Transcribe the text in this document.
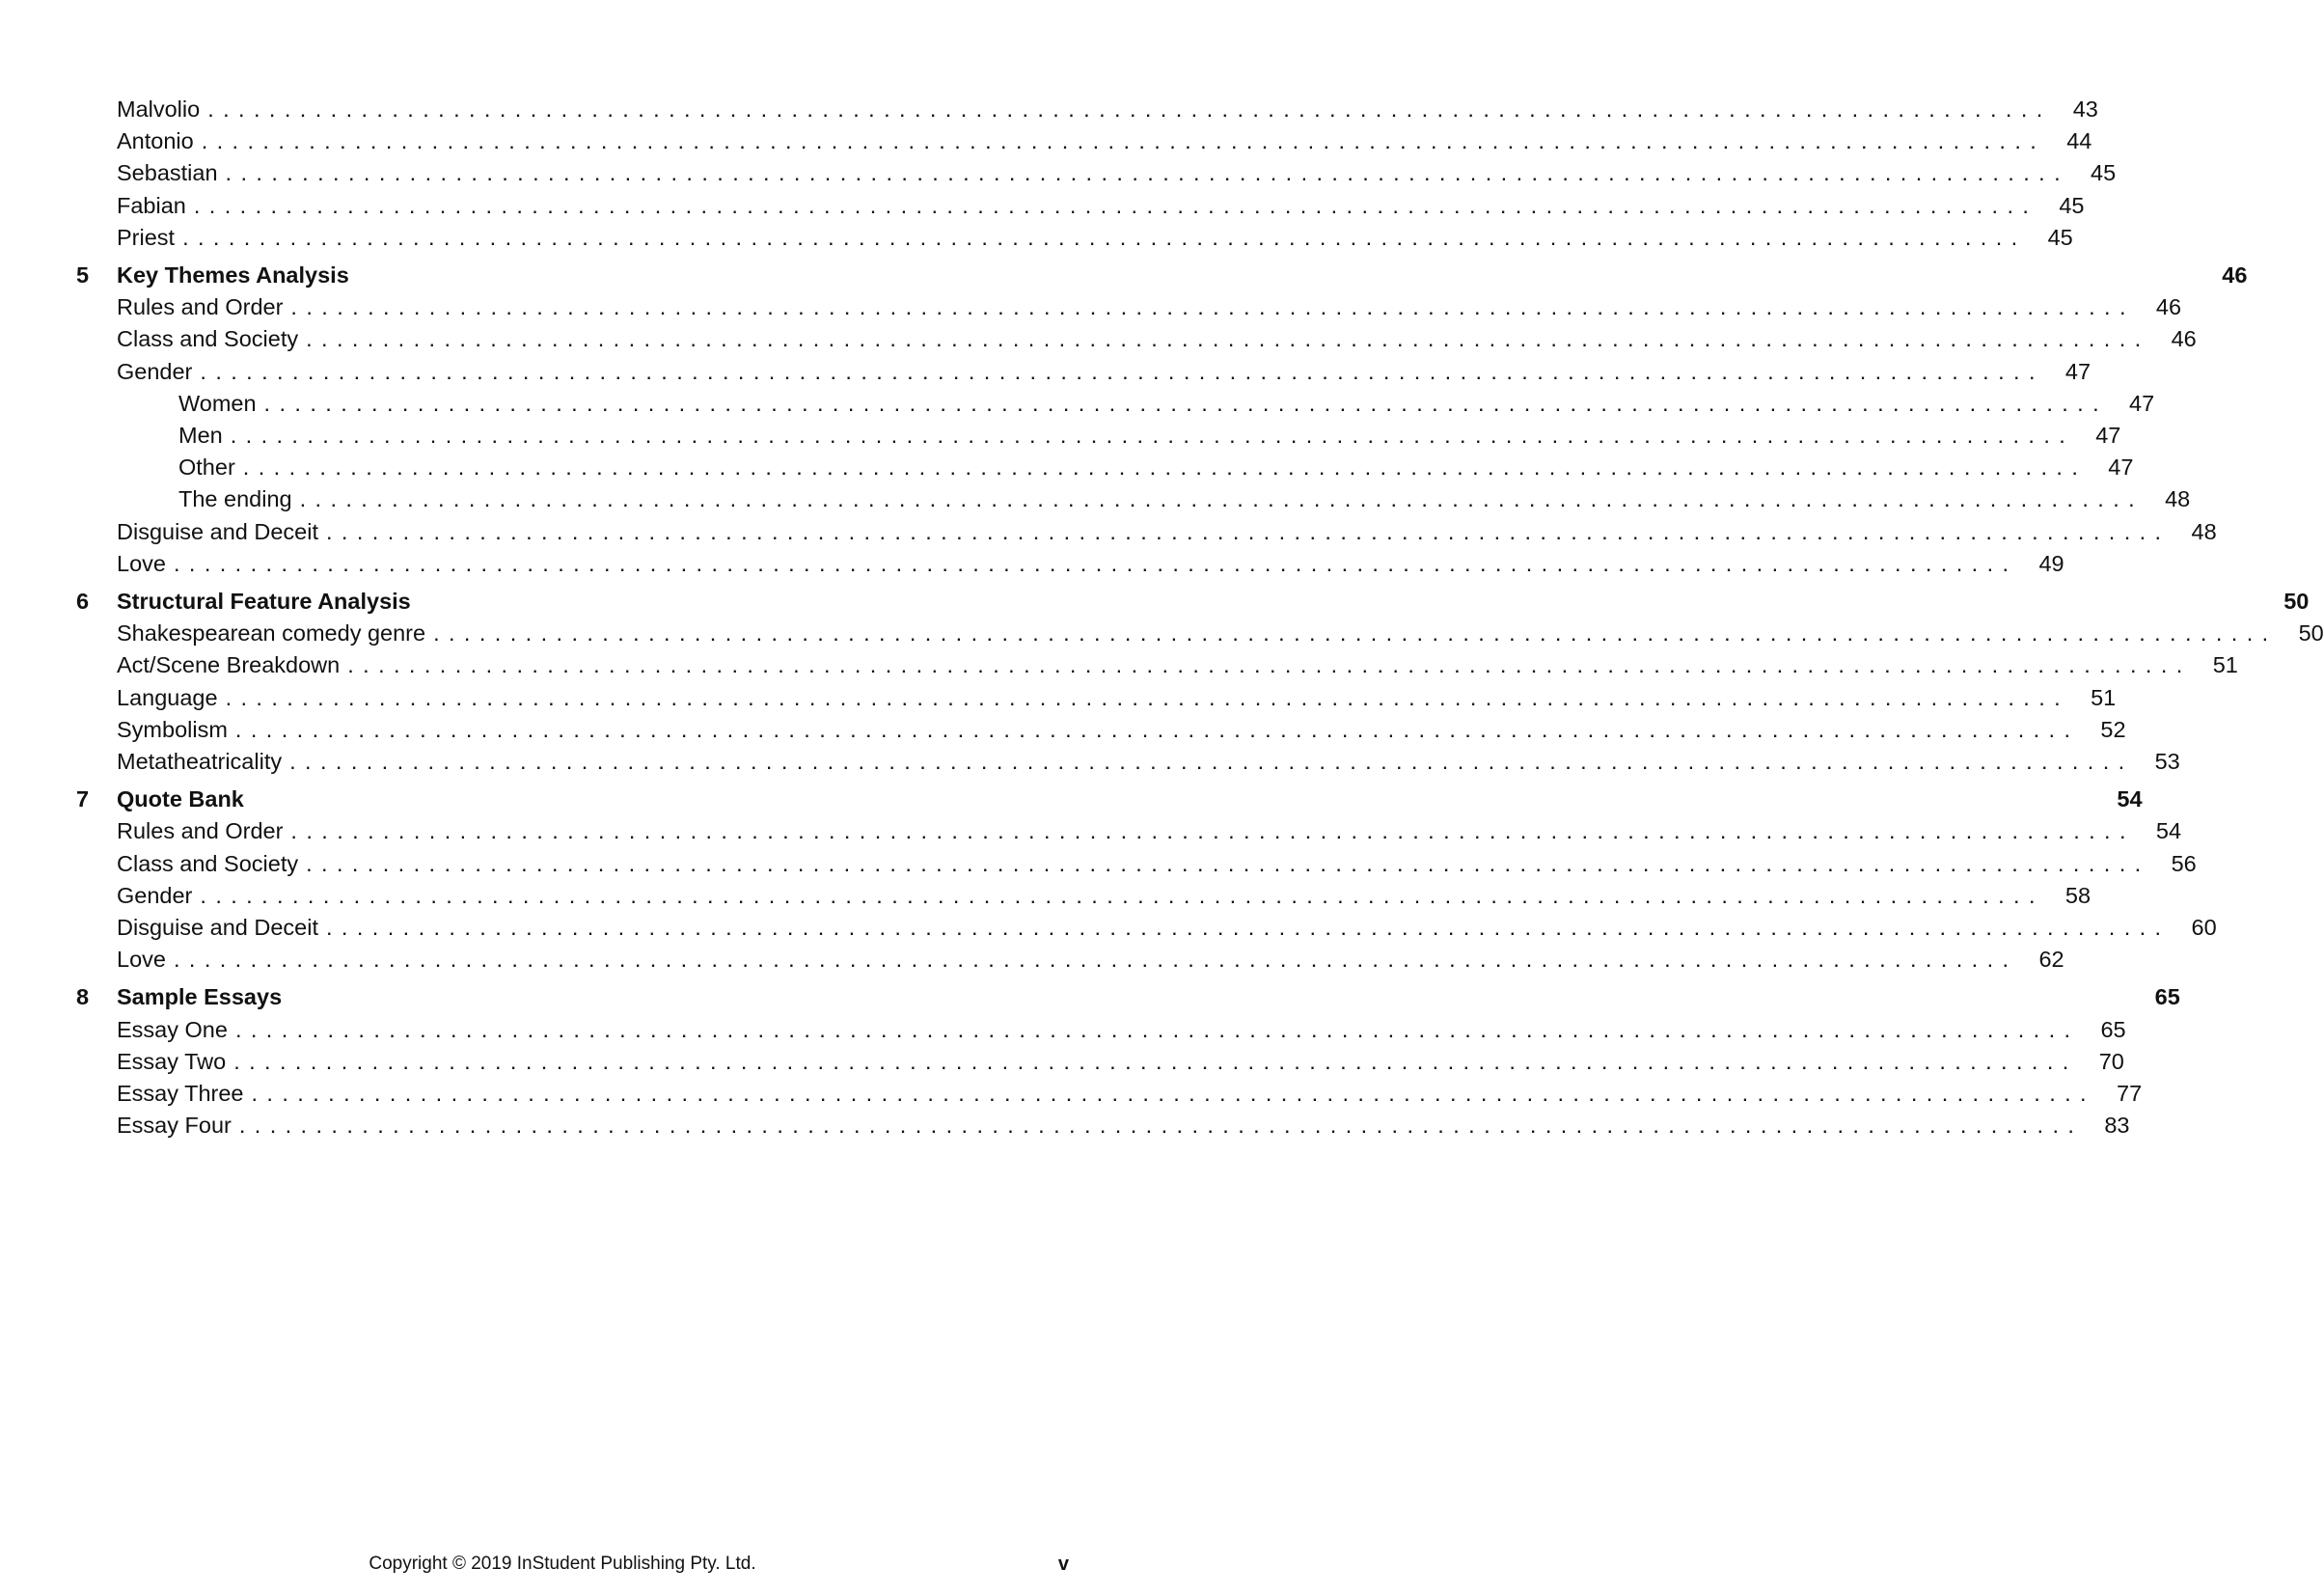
Malvolio ........................................................................................................................ 43
Antonio ........................................................................................................................ 44
Sebastian ........................................................................................................................ 45
Fabian ........................................................................................................................ 45
Priest ........................................................................................................................ 45
5 Key Themes Analysis	46
Rules and Order ........................................................................................................................ 46
Class and Society ........................................................................................................................ 46
Gender ........................................................................................................................ 47
Women ........................................................................................................................ 47
Men ........................................................................................................................ 47
Other ........................................................................................................................ 47
The ending ........................................................................................................................ 48
Disguise and Deceit ........................................................................................................................ 48
Love ........................................................................................................................ 49
6 Structural Feature Analysis	50
Shakespearean comedy genre ........................................................................................................................ 50
Act/Scene Breakdown ........................................................................................................................ 51
Language ........................................................................................................................ 51
Symbolism ........................................................................................................................ 52
Metatheatricality ........................................................................................................................ 53
7 Quote Bank	54
Rules and Order ........................................................................................................................ 54
Class and Society ........................................................................................................................ 56
Gender ........................................................................................................................ 58
Disguise and Deceit ........................................................................................................................ 60
Love ........................................................................................................................ 62
8 Sample Essays	65
Essay One ........................................................................................................................ 65
Essay Two ........................................................................................................................ 70
Essay Three ........................................................................................................................ 77
Essay Four ........................................................................................................................ 83
Copyright © 2019 InStudent Publishing Pty. Ltd.	v
